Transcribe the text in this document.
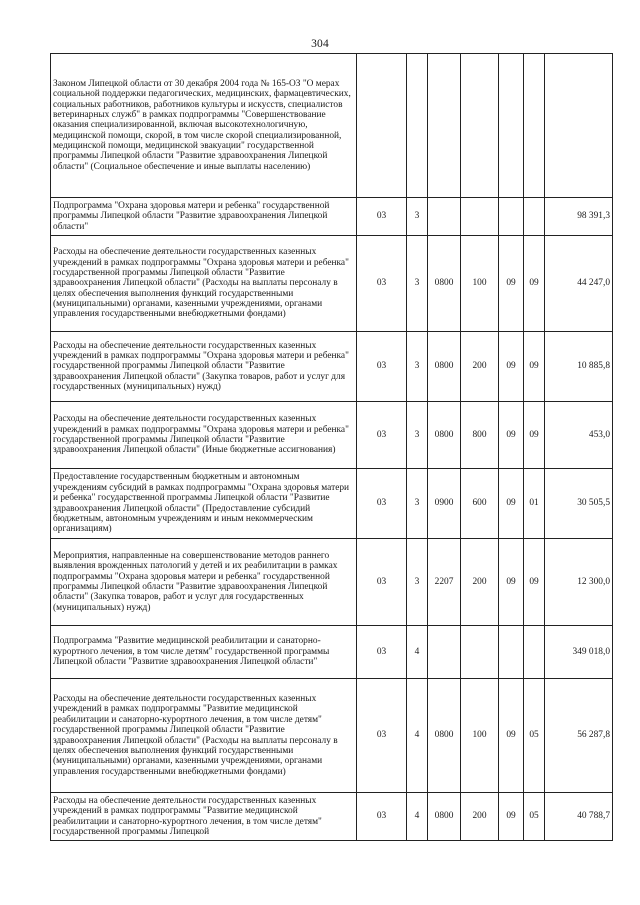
304
Законом Липецкой области от 30 декабря 2004 года № 165-ОЗ "О мерах социальной поддержки педагогических, медицинских, фармацевтических, социальных работников, работников культуры и искусств, специалистов ветеринарных служб" в рамках подпрограммы "Совершенствование оказания специализированной, включая высокотехнологичную, медицинской помощи, скорой, в том числе скорой специализированной, медицинской помощи, медицинской эвакуации" государственной программы Липецкой области "Развитие здравоохранения Липецкой области" (Социальное обеспечение и иные выплаты населению)							
Подпрограмма "Охрана здоровья матери и ребенка" государственной программы Липецкой области "Развитие здравоохранения Липецкой области"	03	3					98 391,3
Расходы на обеспечение деятельности государственных казенных учреждений в рамках подпрограммы "Охрана здоровья матери и ребенка" государственной программы Липецкой области "Развитие здравоохранения Липецкой области" (Расходы на выплаты персоналу в целях обеспечения выполнения функций государственными (муниципальными) органами, казенными учреждениями, органами управления государственными внебюджетными фондами)	03	3	0800	100	09	09	44 247,0
Расходы на обеспечение деятельности государственных казенных учреждений в рамках подпрограммы "Охрана здоровья матери и ребенка" государственной программы Липецкой области "Развитие здравоохранения Липецкой области" (Закупка товаров, работ и услуг для государственных (муниципальных) нужд)	03	3	0800	200	09	09	10 885,8
Расходы на обеспечение деятельности государственных казенных учреждений в рамках подпрограммы "Охрана здоровья матери и ребенка" государственной программы Липецкой области "Развитие здравоохранения Липецкой области" (Иные бюджетные ассигнования)	03	3	0800	800	09	09	453,0
Предоставление государственным бюджетным и автономным учреждениям субсидий в рамках подпрограммы "Охрана здоровья матери и ребенка" государственной программы Липецкой области "Развитие здравоохранения Липецкой области" (Предоставление субсидий бюджетным, автономным учреждениям и иным некоммерческим организациям)	03	3	0900	600	09	01	30 505,5
Мероприятия, направленные на совершенствование методов раннего выявления врожденных патологий у детей и их реабилитации в рамках подпрограммы "Охрана здоровья матери и ребенка" государственной программы Липецкой области "Развитие здравоохранения Липецкой области" (Закупка товаров, работ и услуг для государственных (муниципальных) нужд)	03	3	2207	200	09	09	12 300,0
Подпрограмма "Развитие медицинской реабилитации и санаторно-курортного лечения, в том числе детям" государственной программы Липецкой области "Развитие здравоохранения Липецкой области"	03	4					349 018,0
Расходы на обеспечение деятельности государственных казенных учреждений в рамках подпрограммы "Развитие медицинской реабилитации и санаторно-курортного лечения, в том числе детям" государственной программы Липецкой области "Развитие здравоохранения Липецкой области" (Расходы на выплаты персоналу в целях обеспечения выполнения функций государственными (муниципальными) органами, казенными учреждениями, органами управления государственными внебюджетными фондами)	03	4	0800	100	09	05	56 287,8
Расходы на обеспечение деятельности государственных казенных учреждений в рамках подпрограммы "Развитие медицинской реабилитации и санаторно-курортного лечения, в том числе детям" государственной программы Липецкой	03	4	0800	200	09	05	40 788,7
